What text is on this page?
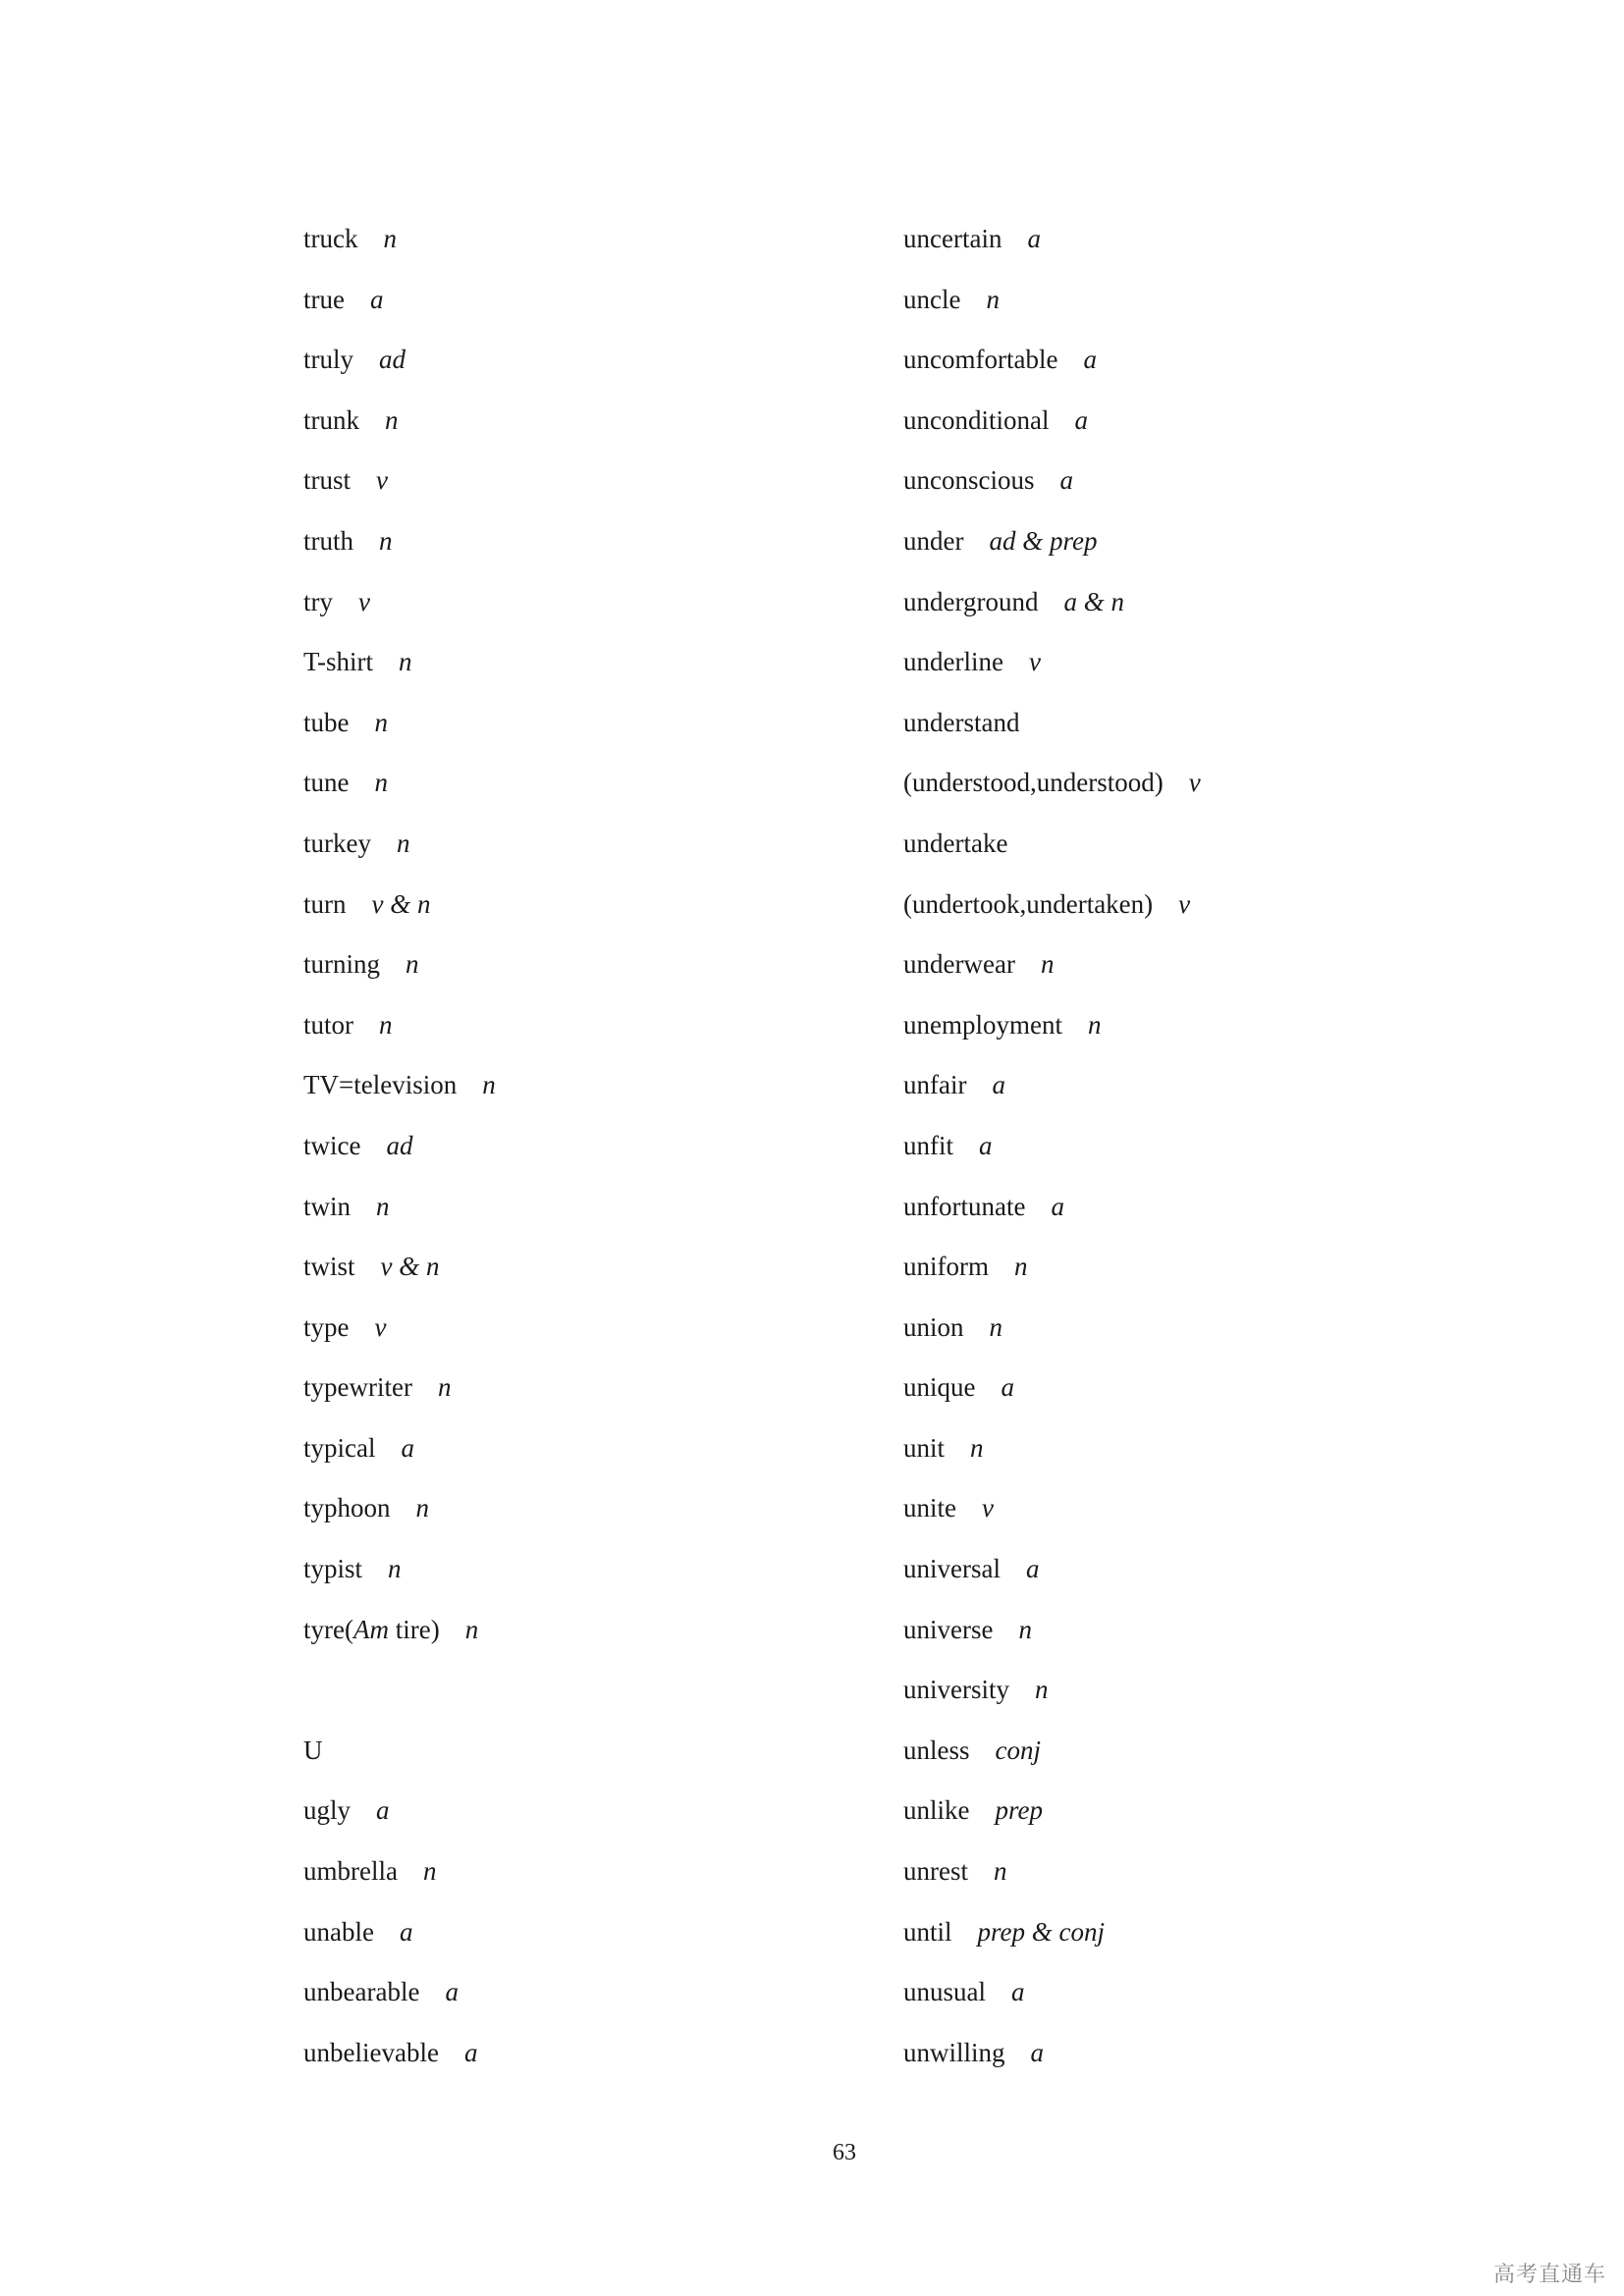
truck n
true a
truly ad
trunk n
trust v
truth n
try v
T-shirt n
tube n
tune n
turkey n
turn v & n
turning n
tutor n
TV=television n
twice ad
twin n
twist v & n
type v
typewriter n
typical a
typhoon n
typist n
tyre(Am tire) n
U
ugly a
umbrella n
unable a
unbearable a
unbelievable a
uncertain a
uncle n
uncomfortable a
unconditional a
unconscious a
under ad & prep
underground a & n
underline v
understand
(understood,understood) v
undertake
(undertook,undertaken) v
underwear n
unemployment n
unfair a
unfit a
unfortunate a
uniform n
union n
unique a
unit n
unite v
universal a
universe n
university n
unless conj
unlike prep
unrest n
until prep & conj
unusual a
unwilling a
63
高考直通车
